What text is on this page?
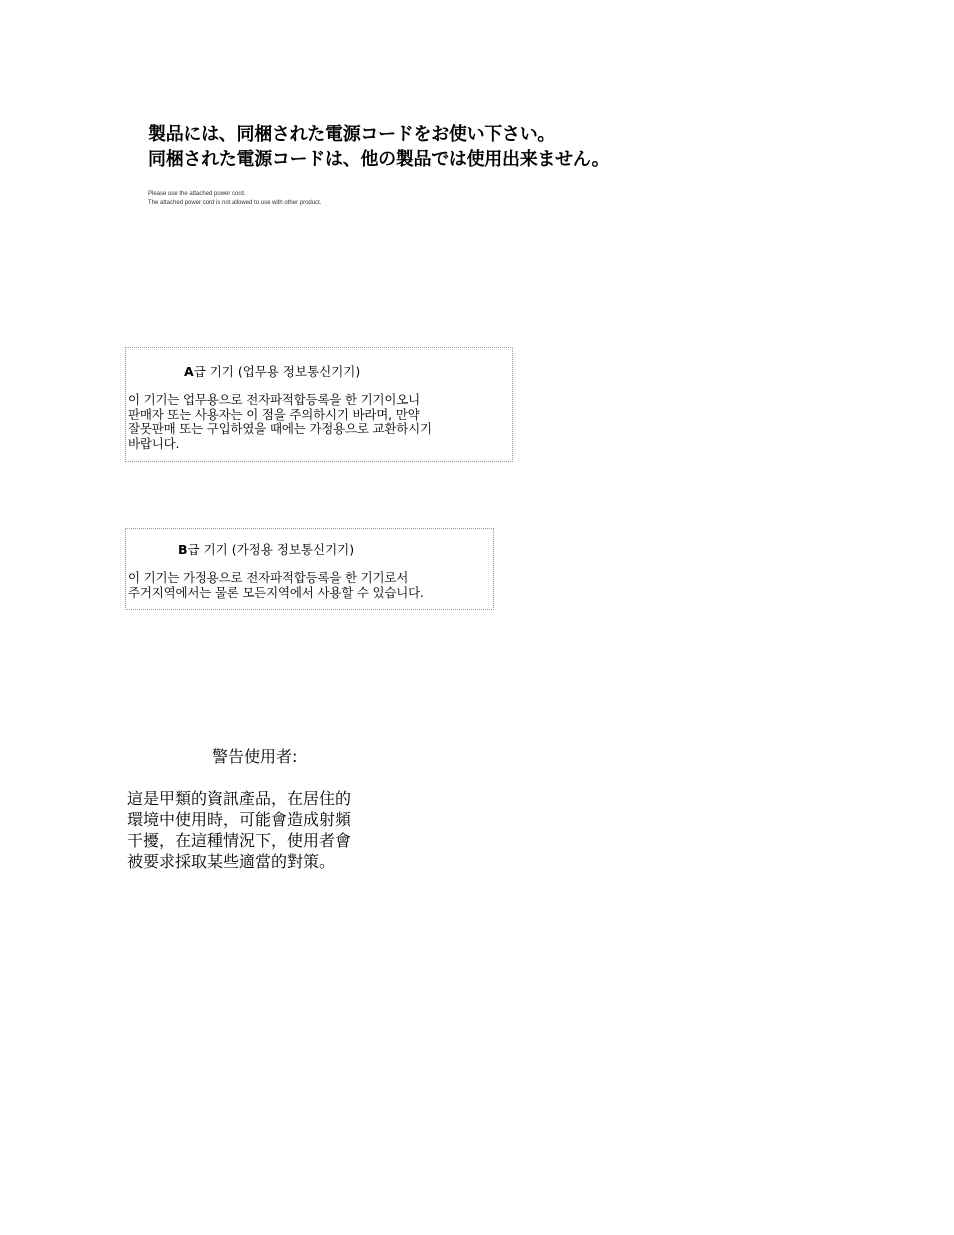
製品には、同梱された電源コードをお使い下さい。
同梱された電源コードは、他の製品では使用出来ません。
Please use the attached power cord.
The attached power cord is not allowed to use with other product.
A급 기기 (업무용 정보통신기기)
이 기기는 업무용으로 전자파적합등록을 한 기기이오니
판매자 또는 사용자는 이 점을 주의하시기 바라며, 만약
잘못판매 또는 구입하였을 때에는 가정용으로 교환하시기
바랍니다.
B급 기기 (가정용 정보통신기기)
이 기기는 가정용으로 전자파적합등록을 한 기기로서
주거지역에서는 물론 모든지역에서 사용할 수 있습니다.
警告使用者:
這是甲類的資訊產品，在居住的
環境中使用時，可能會造成射頻
干擾，在這種情況下，使用者會
被要求採取某些適當的對策。
